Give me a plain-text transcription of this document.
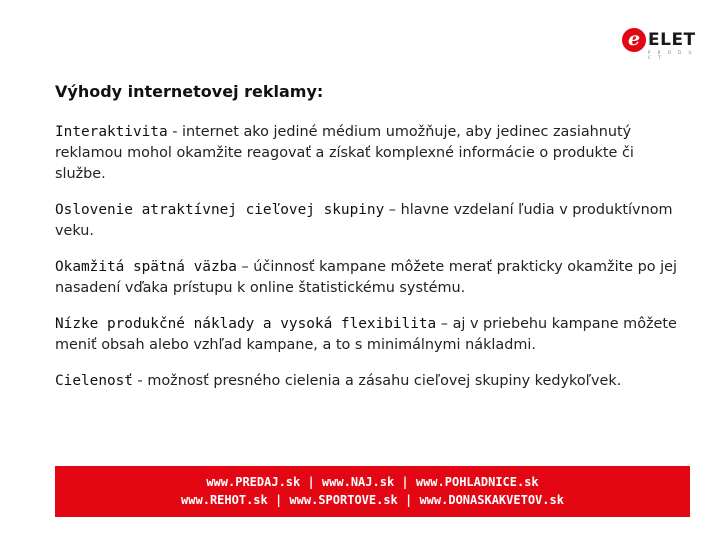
e ELET
P R O D U C T
Výhody internetovej reklamy:

Interaktivita - internet ako jediné médium umožňuje, aby jedinec zasiahnutý reklamou mohol okamžite reagovať a získať komplexné informácie o produkte či službe.

Oslovenie atraktívnej cieľovej skupiny – hlavne vzdelaní ľudia v produktívnom veku.

Okamžitá spätná väzba – účinnosť kampane môžete merať prakticky okamžite po jej nasadení vďaka prístupu k online štatistickému systému.

Nízke produkčné náklady a vysoká flexibilita – aj v priebehu kampane môžete meniť obsah alebo vzhľad kampane, a to s minimálnymi nákladmi.

Cielenosť - možnosť presného cielenia a zásahu cieľovej skupiny kedykoľvek.

www.PREDAJ.sk | www.NAJ.sk | www.POHLADNICE.sk
www.REHOT.sk | www.SPORTOVE.sk | www.DONASKAKVETOV.sk
